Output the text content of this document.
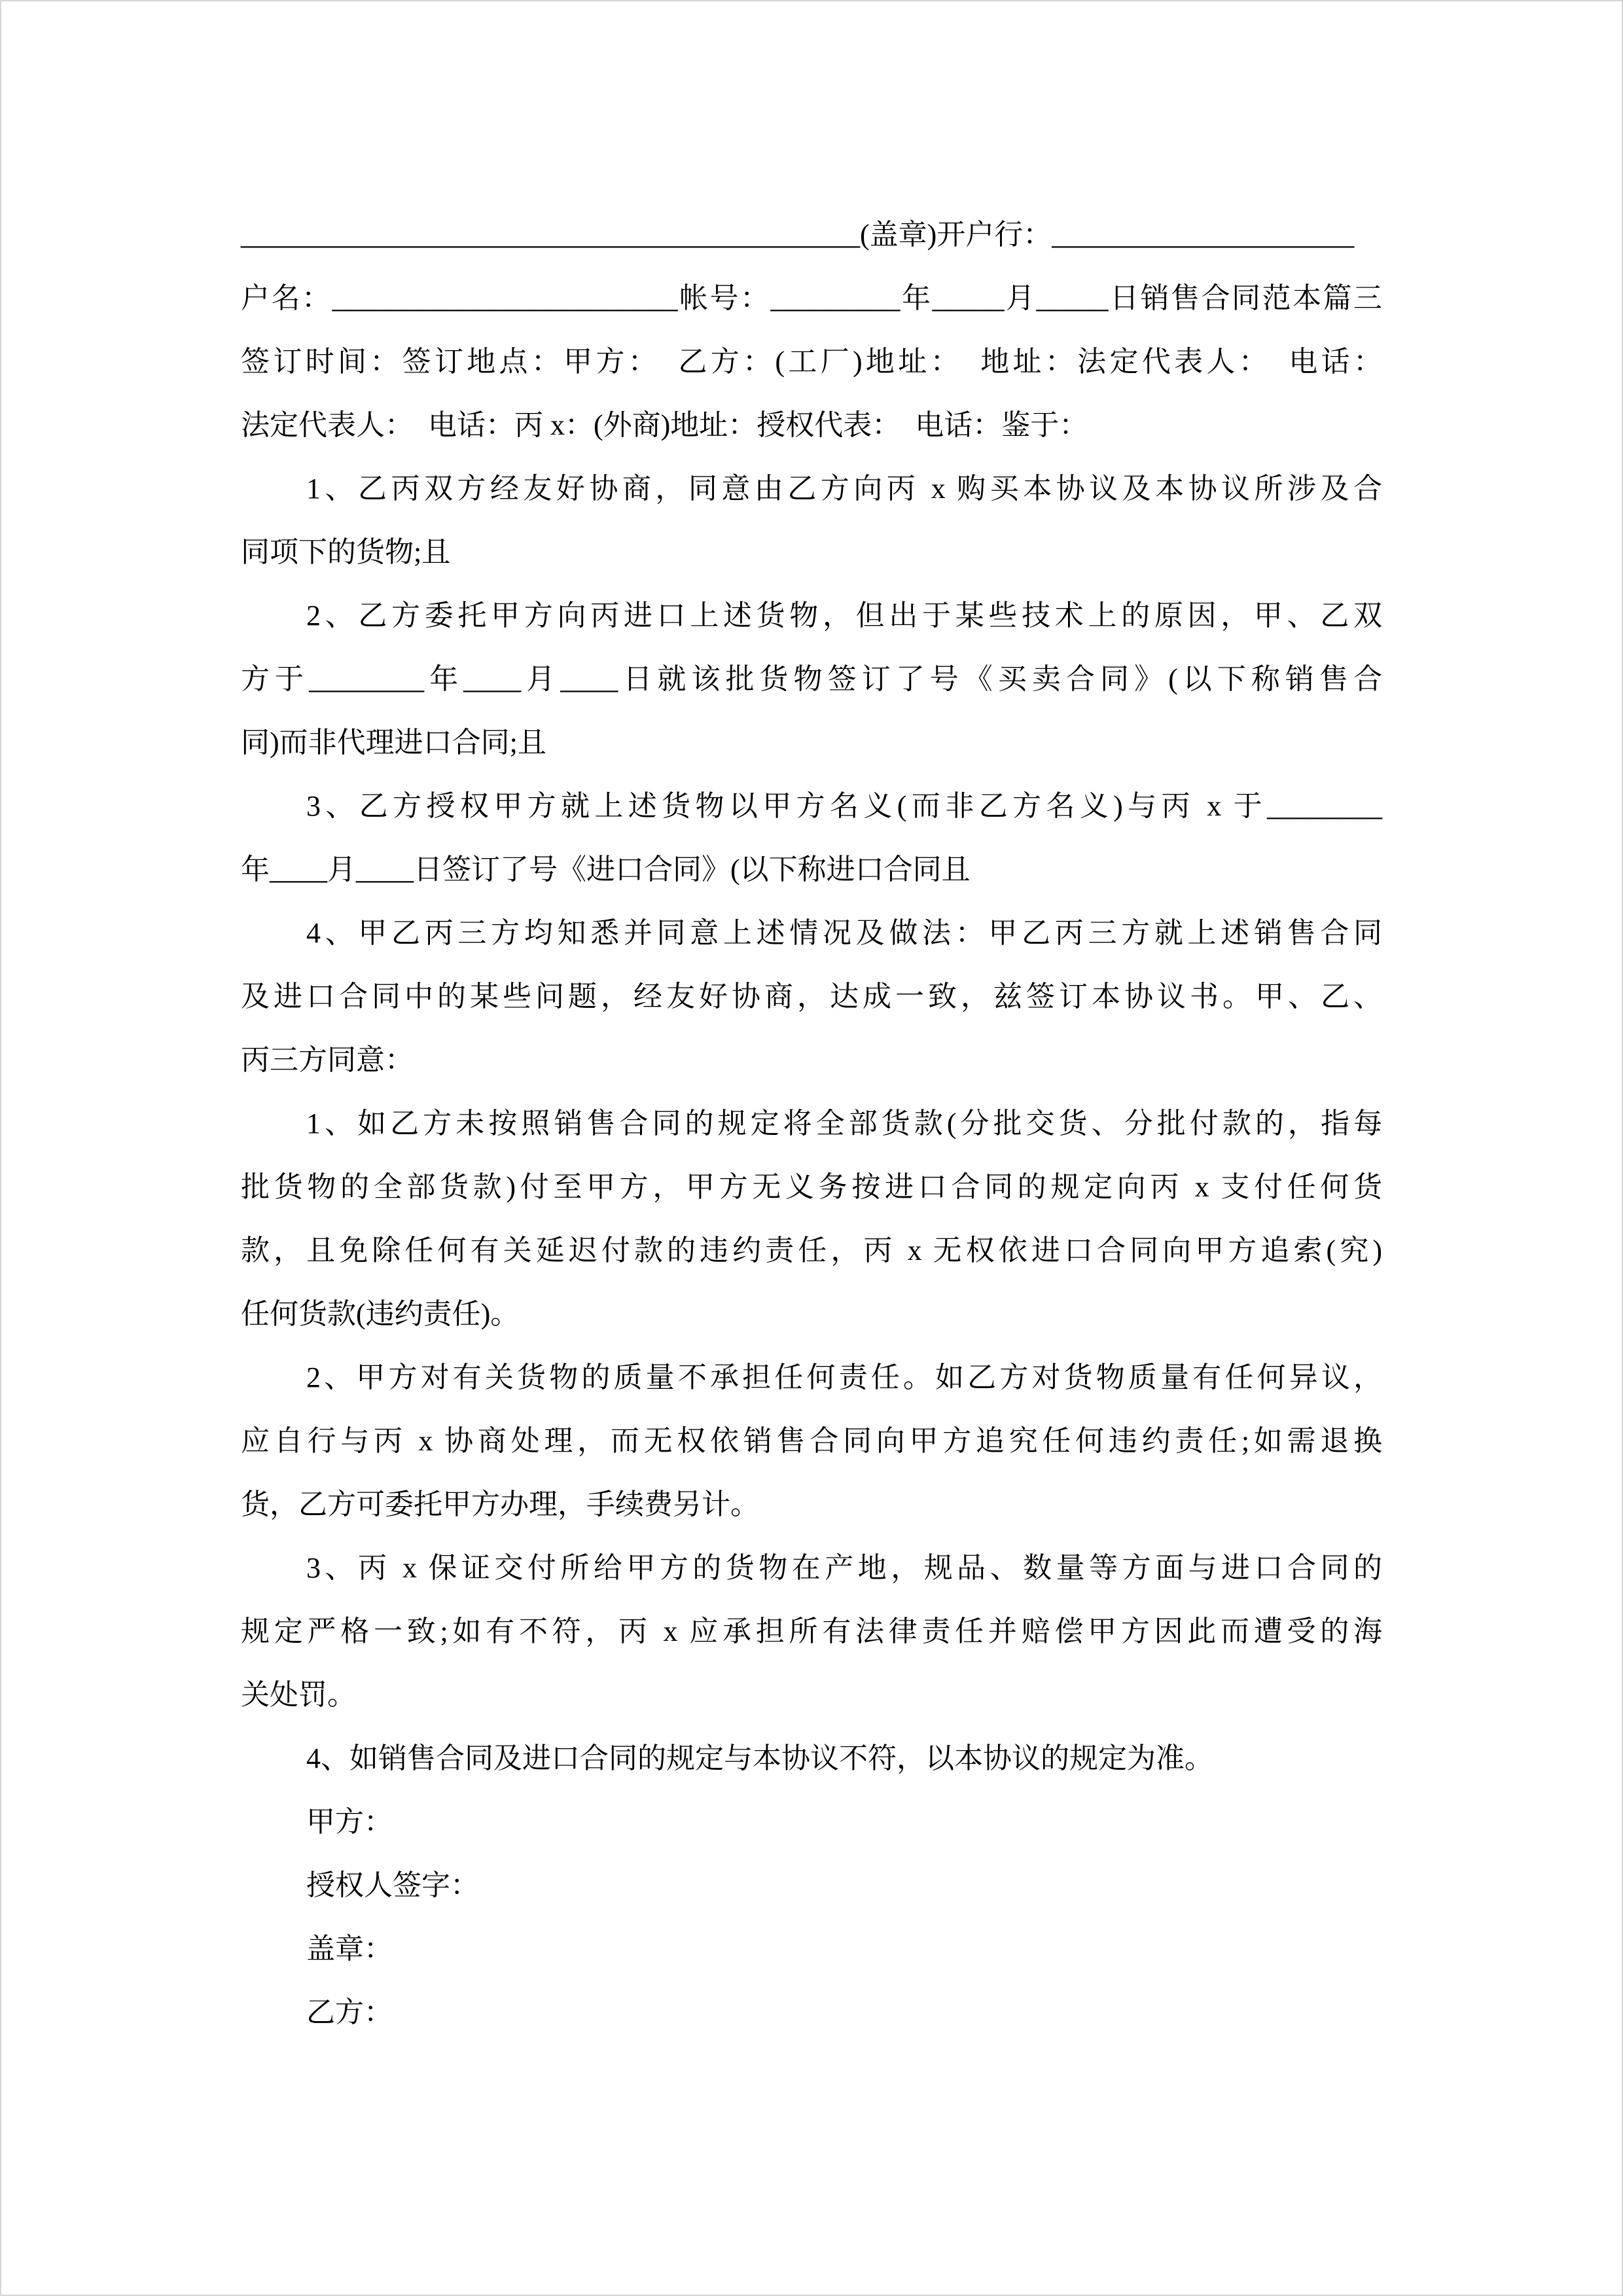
___________________________________________(盖章)开户行：_____________________
户名：________________________帐号：_________年_____月_____日销售合同范本篇三
签订时间：签订地点：甲方：　乙方：(工厂)地址：　地址：法定代表人：　电话：
法定代表人：　电话：丙 x：(外商)地址：授权代表：　电话：鉴于：
1、乙丙双方经友好协商，同意由乙方向丙 x 购买本协议及本协议所涉及合
同项下的货物;且
2、乙方委托甲方向丙进口上述货物，但出于某些技术上的原因，甲、乙双
方于________年____月____日就该批货物签订了号《买卖合同》(以下称销售合
同)而非代理进口合同;且
3、乙方授权甲方就上述货物以甲方名义(而非乙方名义)与丙 x 于________
年____月____日签订了号《进口合同》(以下称进口合同且
4、甲乙丙三方均知悉并同意上述情况及做法：甲乙丙三方就上述销售合同
及进口合同中的某些问题，经友好协商，达成一致，兹签订本协议书。甲、乙、
丙三方同意：
1、如乙方未按照销售合同的规定将全部货款(分批交货、分批付款的，指每
批货物的全部货款)付至甲方，甲方无义务按进口合同的规定向丙 x 支付任何货
款，且免除任何有关延迟付款的违约责任，丙 x 无权依进口合同向甲方追索(究)
任何货款(违约责任)。
2、甲方对有关货物的质量不承担任何责任。如乙方对货物质量有任何异议，
应自行与丙 x 协商处理，而无权依销售合同向甲方追究任何违约责任;如需退换
货，乙方可委托甲方办理，手续费另计。
3、丙 x 保证交付所给甲方的货物在产地，规品、数量等方面与进口合同的
规定严格一致;如有不符，丙 x 应承担所有法律责任并赔偿甲方因此而遭受的海
关处罚。
4、如销售合同及进口合同的规定与本协议不符，以本协议的规定为准。
甲方：
授权人签字：
盖章：
乙方：
